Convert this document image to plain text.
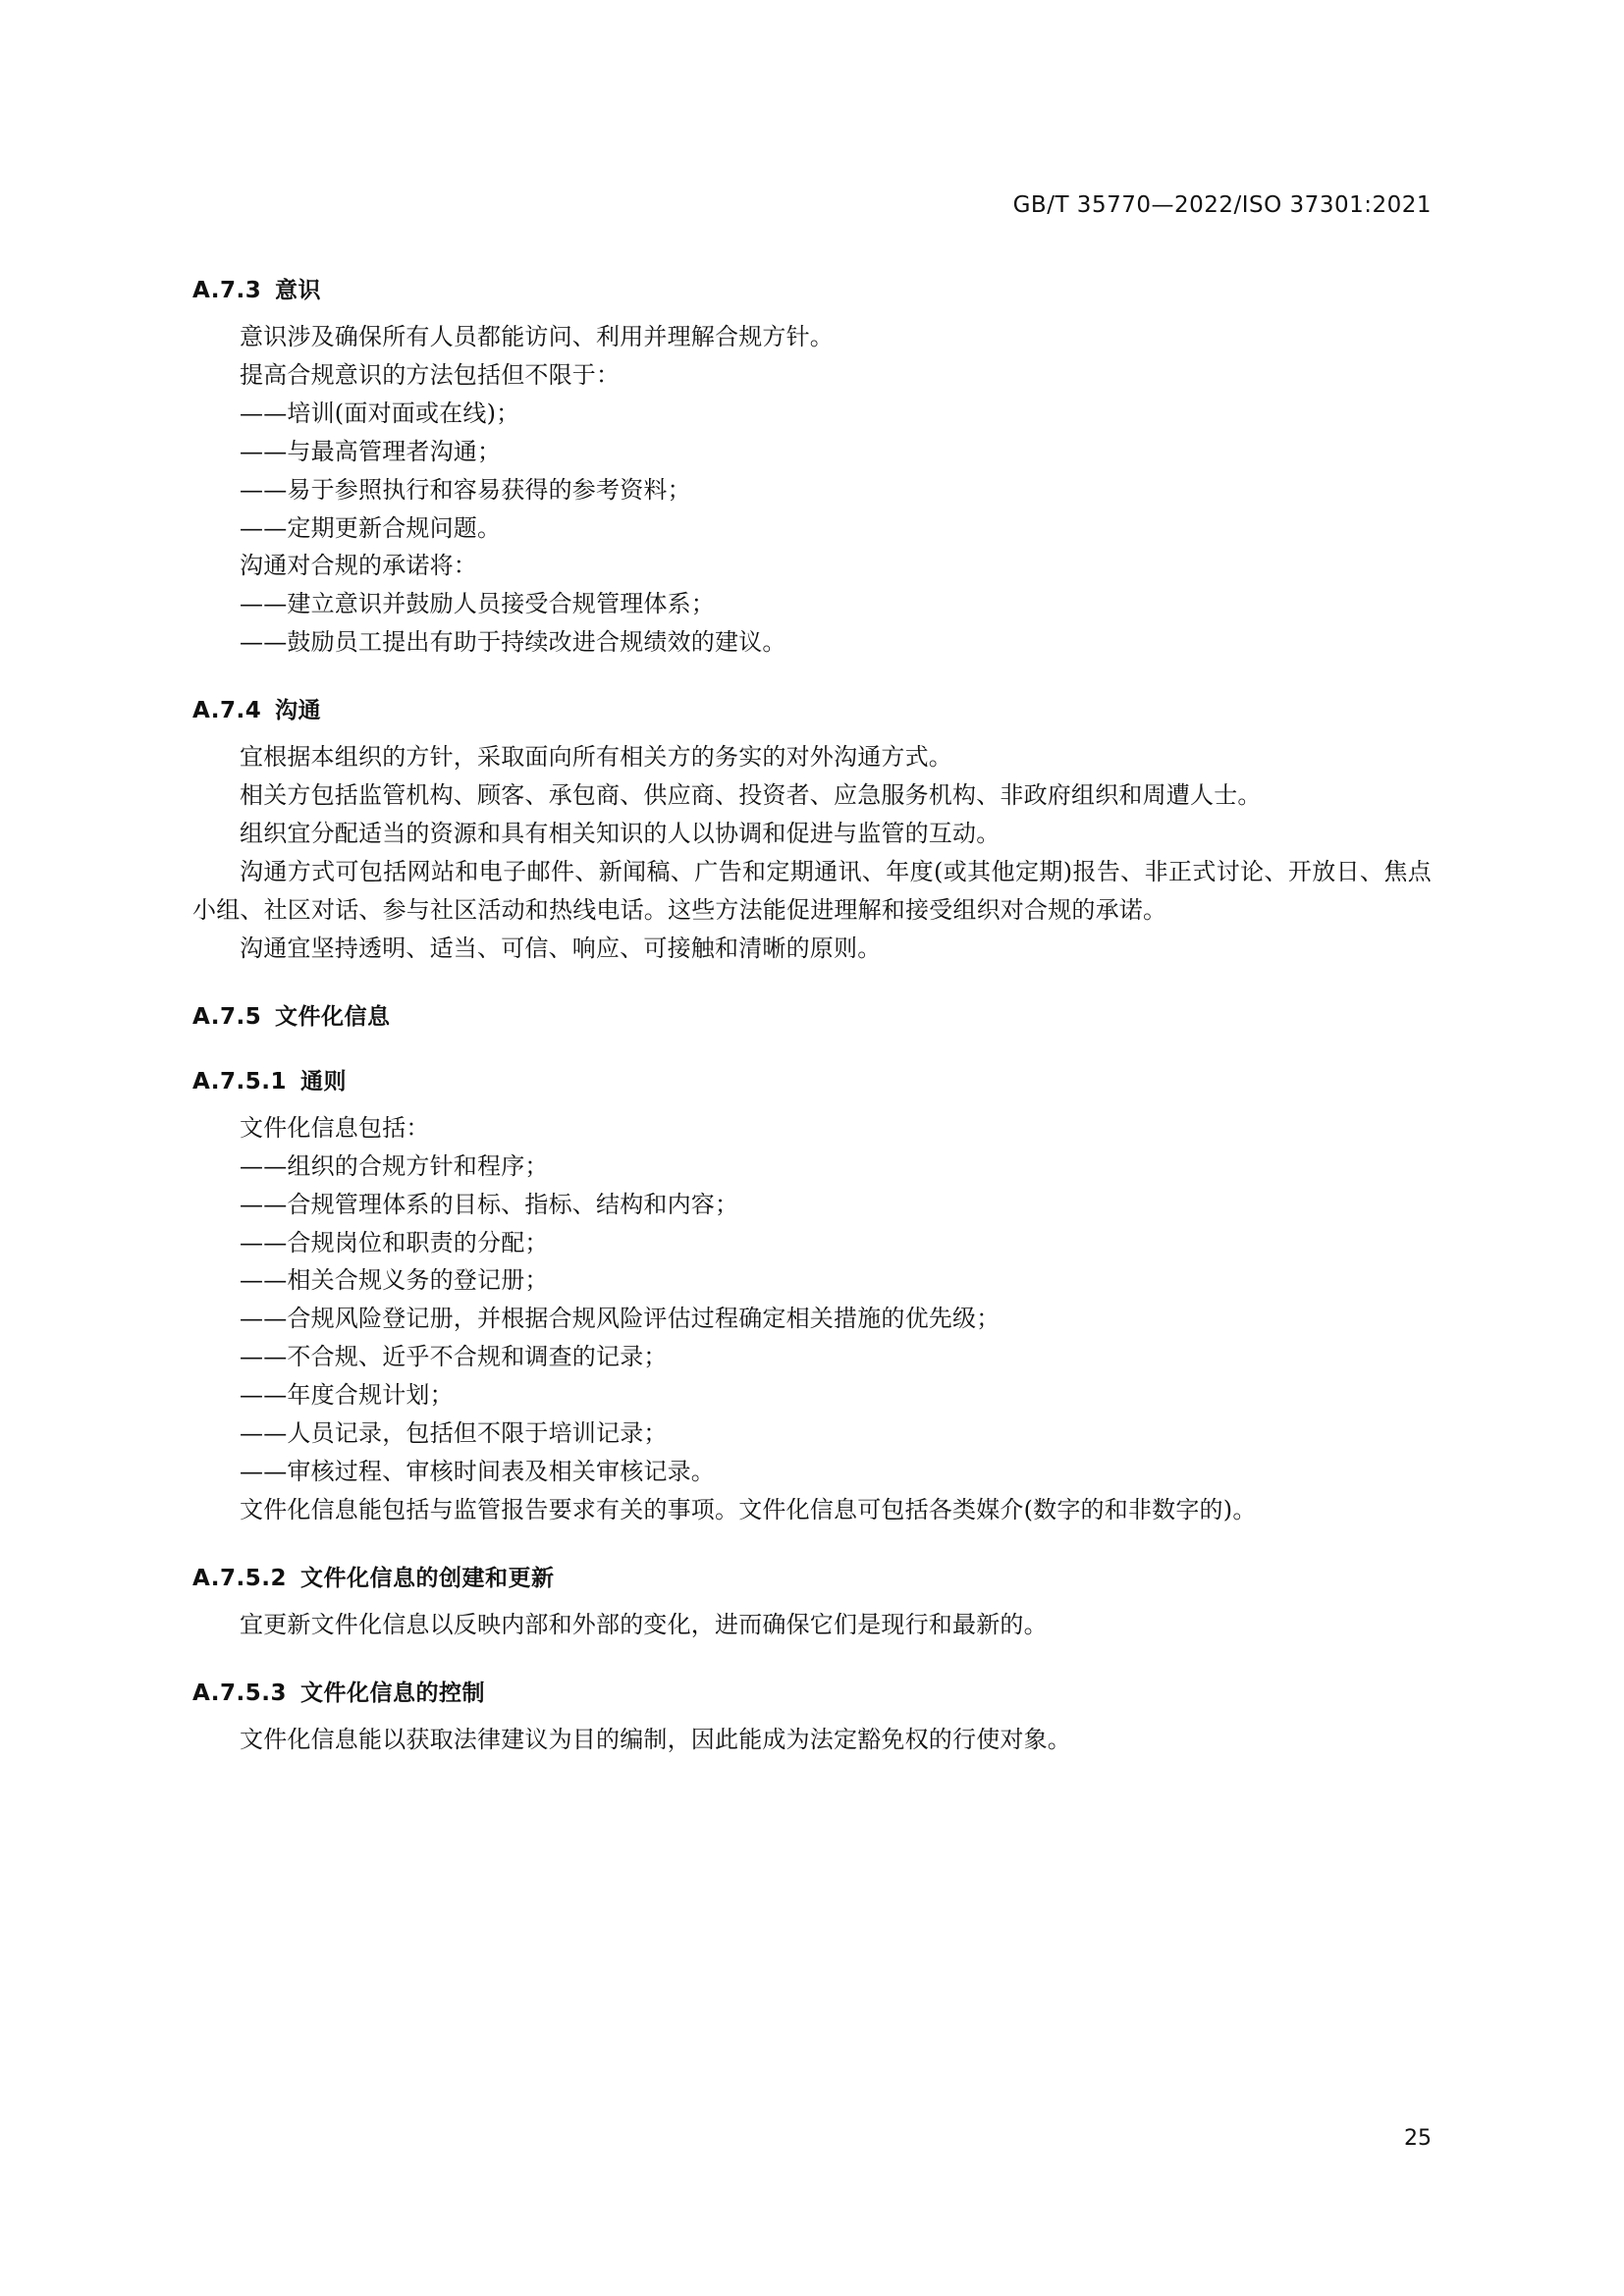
GB/T 35770—2022/ISO 37301:2021
A.7.3 意识

意识涉及确保所有人员都能访问、利用并理解合规方针。

提高合规意识的方法包括但不限于：

——培训(面对面或在线)；

——与最高管理者沟通；

——易于参照执行和容易获得的参考资料；

——定期更新合规问题。

沟通对合规的承诺将：

——建立意识并鼓励人员接受合规管理体系；

——鼓励员工提出有助于持续改进合规绩效的建议。

A.7.4 沟通

宜根据本组织的方针，采取面向所有相关方的务实的对外沟通方式。

相关方包括监管机构、顾客、承包商、供应商、投资者、应急服务机构、非政府组织和周遭人士。

组织宜分配适当的资源和具有相关知识的人以协调和促进与监管的互动。

沟通方式可包括网站和电子邮件、新闻稿、广告和定期通讯、年度(或其他定期)报告、非正式讨论、开放日、焦点小组、社区对话、参与社区活动和热线电话。这些方法能促进理解和接受组织对合规的承诺。

沟通宜坚持透明、适当、可信、响应、可接触和清晰的原则。

A.7.5 文件化信息
A.7.5.1 通则

文件化信息包括：

——组织的合规方针和程序；

——合规管理体系的目标、指标、结构和内容；

——合规岗位和职责的分配；

——相关合规义务的登记册；

——合规风险登记册，并根据合规风险评估过程确定相关措施的优先级；

——不合规、近乎不合规和调查的记录；

——年度合规计划；

——人员记录，包括但不限于培训记录；

——审核过程、审核时间表及相关审核记录。

文件化信息能包括与监管报告要求有关的事项。文件化信息可包括各类媒介(数字的和非数字的)。

A.7.5.2 文件化信息的创建和更新

宜更新文件化信息以反映内部和外部的变化，进而确保它们是现行和最新的。

A.7.5.3 文件化信息的控制

文件化信息能以获取法律建议为目的编制，因此能成为法定豁免权的行使对象。

25
